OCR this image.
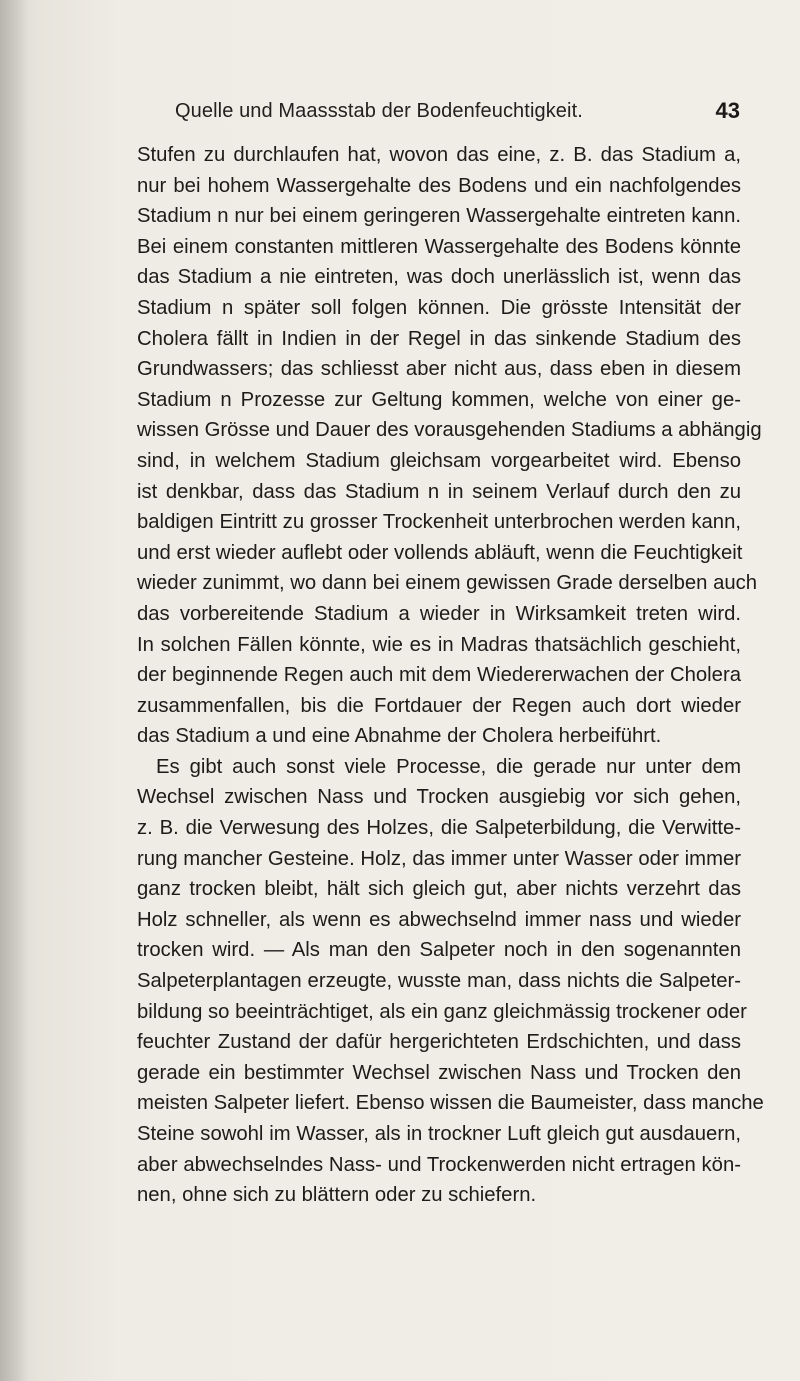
Quelle und Maassstab der Bodenfeuchtigkeit.	43
Stufen zu durchlaufen hat, wovon das eine, z. B. das Stadium a,
nur bei hohem Wassergehalte des Bodens und ein nachfolgendes
Stadium n nur bei einem geringeren Wassergehalte eintreten kann.
Bei einem constanten mittleren Wassergehalte des Bodens könnte
das Stadium a nie eintreten, was doch unerlässlich ist, wenn das
Stadium n später soll folgen können. Die grösste Intensität der
Cholera fällt in Indien in der Regel in das sinkende Stadium des
Grundwassers; das schliesst aber nicht aus, dass eben in diesem
Stadium n Prozesse zur Geltung kommen, welche von einer ge-
wissen Grösse und Dauer des vorausgehenden Stadiums a abhängig
sind, in welchem Stadium gleichsam vorgearbeitet wird. Ebenso
ist denkbar, dass das Stadium n in seinem Verlauf durch den zu
baldigen Eintritt zu grosser Trockenheit unterbrochen werden kann,
und erst wieder auflebt oder vollends abläuft, wenn die Feuchtigkeit
wieder zunimmt, wo dann bei einem gewissen Grade derselben auch
das vorbereitende Stadium a wieder in Wirksamkeit treten wird.
In solchen Fällen könnte, wie es in Madras thatsächlich geschieht,
der beginnende Regen auch mit dem Wiedererwachen der Cholera
zusammenfallen, bis die Fortdauer der Regen auch dort wieder
das Stadium a und eine Abnahme der Cholera herbeiführt.
Es gibt auch sonst viele Processe, die gerade nur unter dem
Wechsel zwischen Nass und Trocken ausgiebig vor sich gehen,
z. B. die Verwesung des Holzes, die Salpeterbildung, die Verwitte-
rung mancher Gesteine. Holz, das immer unter Wasser oder immer
ganz trocken bleibt, hält sich gleich gut, aber nichts verzehrt das
Holz schneller, als wenn es abwechselnd immer nass und wieder
trocken wird. — Als man den Salpeter noch in den sogenannten
Salpeterplantagen erzeugte, wusste man, dass nichts die Salpeter-
bildung so beeinträchtiget, als ein ganz gleichmässig trockener oder
feuchter Zustand der dafür hergerichteten Erdschichten, und dass
gerade ein bestimmter Wechsel zwischen Nass und Trocken den
meisten Salpeter liefert. Ebenso wissen die Baumeister, dass manche
Steine sowohl im Wasser, als in trockner Luft gleich gut ausdauern,
aber abwechselndes Nass- und Trockenwerden nicht ertragen kön-
nen, ohne sich zu blättern oder zu schiefern.
